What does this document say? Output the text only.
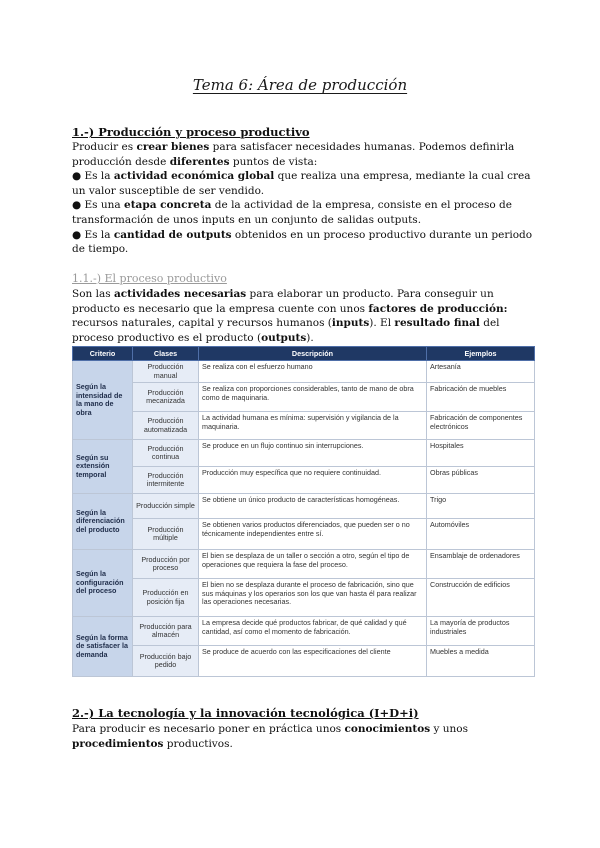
Tema 6: Área de producción
1.-) Producción y proceso productivo
Producir es crear bienes para satisfacer necesidades humanas. Podemos definirla producción desde diferentes puntos de vista:
● Es la actividad económica global que realiza una empresa, mediante la cual crea un valor susceptible de ser vendido.
● Es una etapa concreta de la actividad de la empresa, consiste en el proceso de transformación de unos inputs en un conjunto de salidas outputs.
● Es la cantidad de outputs obtenidos en un proceso productivo durante un periodo de tiempo.
1.1.-) El proceso productivo
Son las actividades necesarias para elaborar un producto. Para conseguir un producto es necesario que la empresa cuente con unos factores de producción: recursos naturales, capital y recursos humanos (inputs). El resultado final del proceso productivo es el producto (outputs).
Criterio	Clases	Descripción	Ejemplos
Según la intensidad de la mano de obra	Producción manual	Se realiza con el esfuerzo humano	Artesanía
	Producción mecanizada	Se realiza con proporciones considerables, tanto de mano de obra como de maquinaria.	Fabricación de muebles
	Producción automatizada	La actividad humana es mínima: supervisión y vigilancia de la maquinaria.	Fabricación de componentes electrónicos
Según su extensión temporal	Producción continua	Se produce en un flujo continuo sin interrupciones.	Hospitales
	Producción intermitente	Producción muy específica que no requiere continuidad.	Obras públicas
Según la diferenciación del producto	Producción simple	Se obtiene un único producto de características homogéneas.	Trigo
	Producción múltiple	Se obtienen varios productos diferenciados, que pueden ser o no técnicamente independientes entre sí.	Automóviles
Según la configuración del proceso	Producción por proceso	El bien se desplaza de un taller o sección a otro, según el tipo de operaciones que requiera la fase del proceso.	Ensamblaje de ordenadores
	Producción en posición fija	El bien no se desplaza durante el proceso de fabricación, sino que sus máquinas y los operarios son los que van hasta él para realizar las operaciones necesarias.	Construcción de edificios
Según la forma de satisfacer la demanda	Producción para almacén	La empresa decide qué productos fabricar, de qué calidad y qué cantidad, así como el momento de fabricación.	La mayoría de productos industriales
	Producción bajo pedido	Se produce de acuerdo con las especificaciones del cliente	Muebles a medida
2.-) La tecnología y la innovación tecnológica (I+D+i)
Para producir es necesario poner en práctica unos conocimientos y unos procedimientos productivos.
